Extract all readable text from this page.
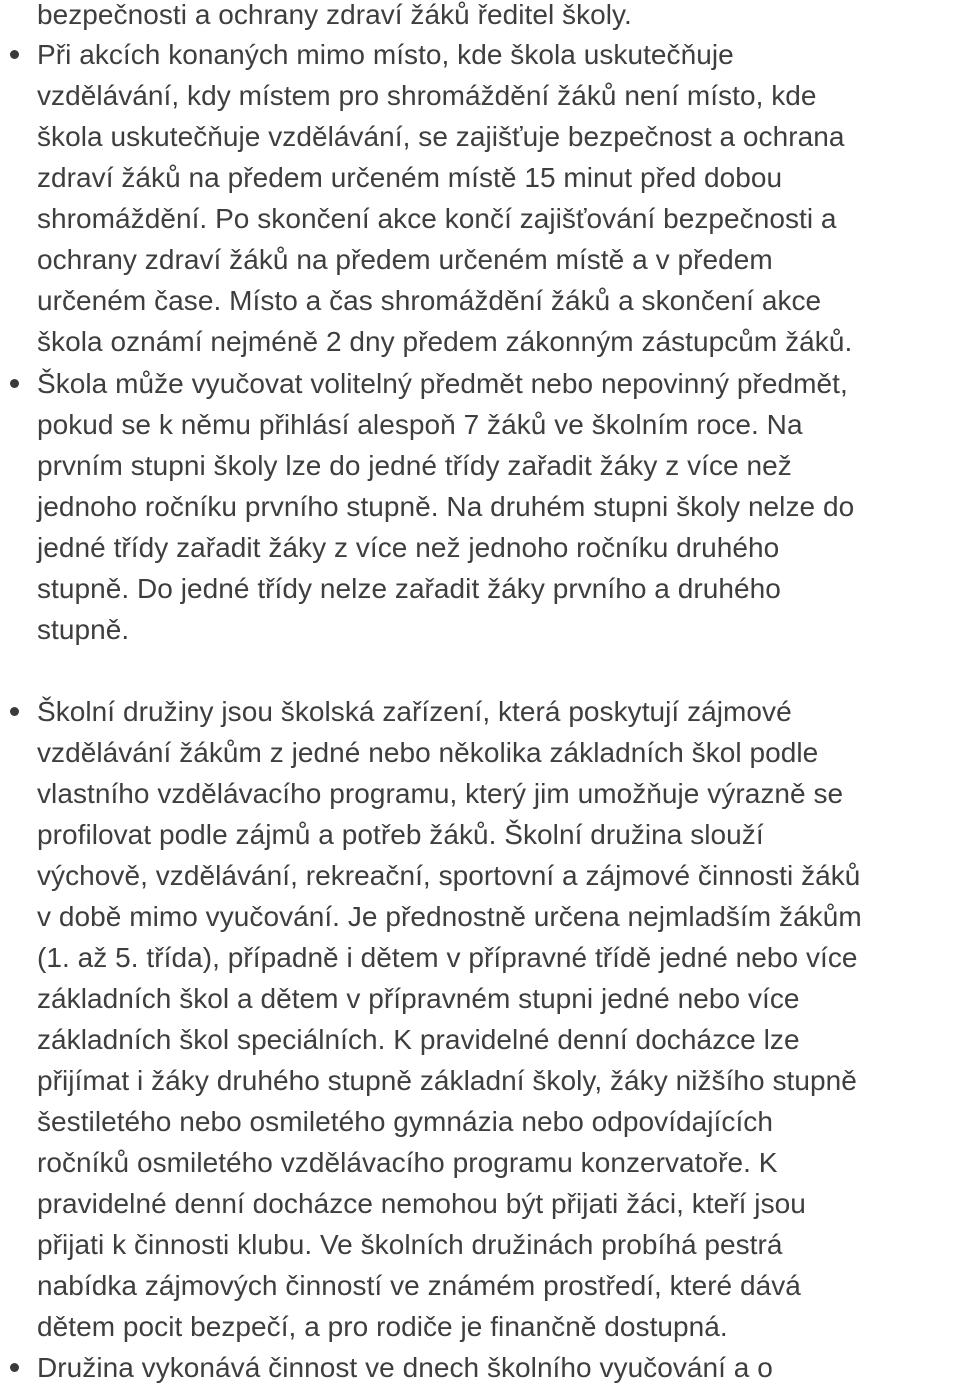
bezpečnosti a ochrany zdraví žáků ředitel školy.
Při akcích konaných mimo místo, kde škola uskutečňuje
vzdělávání, kdy místem pro shromáždění žáků není místo, kde
škola uskutečňuje vzdělávání, se zajišťuje bezpečnost a ochrana
zdraví žáků na předem určeném místě 15 minut před dobou
shromáždění. Po skončení akce končí zajišťování bezpečnosti a
ochrany zdraví žáků na předem určeném místě a v předem
určeném čase. Místo a čas shromáždění žáků a skončení akce
škola oznámí nejméně 2 dny předem zákonným zástupcům žáků.
Škola může vyučovat volitelný předmět nebo nepovinný předmět,
pokud se k němu přihlásí alespoň 7 žáků ve školním roce. Na
prvním stupni školy lze do jedné třídy zařadit žáky z více než
jednoho ročníku prvního stupně. Na druhém stupni školy nelze do
jedné třídy zařadit žáky z více než jednoho ročníku druhého
stupně. Do jedné třídy nelze zařadit žáky prvního a druhého
stupně.
Školní družiny jsou školská zařízení, která poskytují zájmové
vzdělávání žákům z jedné nebo několika základních škol podle
vlastního vzdělávacího programu, který jim umožňuje výrazně se
profilovat podle zájmů a potřeb žáků. Školní družina slouží
výchově, vzdělávání, rekreační, sportovní a zájmové činnosti žáků
v době mimo vyučování. Je přednostně určena nejmladším žákům
(1. až 5. třída), případně i dětem v přípravné třídě jedné nebo více
základních škol a dětem v přípravném stupni jedné nebo více
základních škol speciálních. K pravidelné denní docházce lze
přijímat i žáky druhého stupně základní školy, žáky nižšího stupně
šestiletého nebo osmiletého gymnázia nebo odpovídajících
ročníků osmiletého vzdělávacího programu konzervatoře. K
pravidelné denní docházce nemohou být přijati žáci, kteří jsou
přijati k činnosti klubu. Ve školních družinách probíhá pestrá
nabídka zájmových činností ve známém prostředí, které dává
dětem pocit bezpečí, a pro rodiče je finančně dostupná.
Družina vykonává činnost ve dnech školního vyučování a o
